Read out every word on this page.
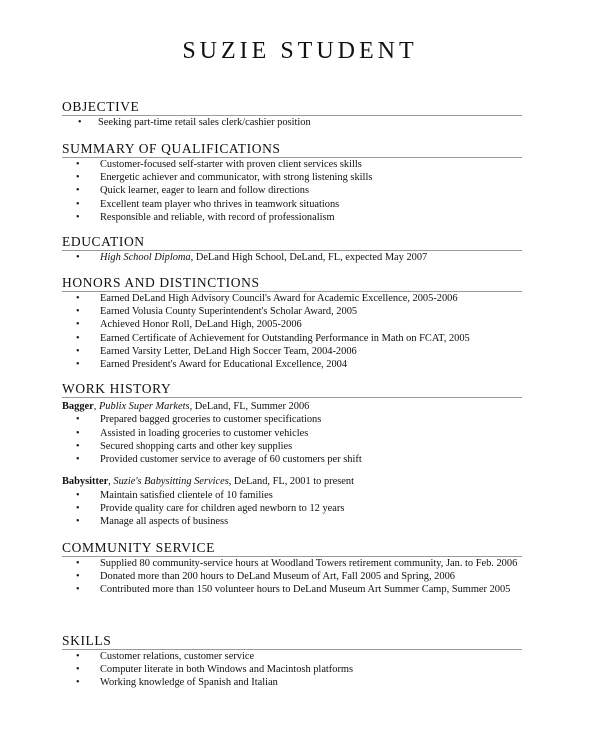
SUZIE STUDENT
OBJECTIVE
• Seeking part-time retail sales clerk/cashier position
SUMMARY OF QUALIFICATIONS
• Customer-focused self-starter with proven client services skills
• Energetic achiever and communicator, with strong listening skills
• Quick learner, eager to learn and follow directions
• Excellent team player who thrives in teamwork situations
• Responsible and reliable, with record of professionalism
EDUCATION
• High School Diploma, DeLand High School, DeLand, FL, expected May 2007
HONORS AND DISTINCTIONS
• Earned DeLand High Advisory Council's Award for Academic Excellence, 2005-2006
• Earned Volusia County Superintendent's Scholar Award, 2005
• Achieved Honor Roll, DeLand High, 2005-2006
• Earned Certificate of Achievement for Outstanding Performance in Math on FCAT, 2005
• Earned Varsity Letter, DeLand High Soccer Team, 2004-2006
• Earned President's Award for Educational Excellence, 2004
WORK HISTORY
Bagger, Publix Super Markets, DeLand, FL, Summer 2006
• Prepared bagged groceries to customer specifications
• Assisted in loading groceries to customer vehicles
• Secured shopping carts and other key supplies
• Provided customer service to average of 60 customers per shift
Babysitter, Suzie's Babysitting Services, DeLand, FL, 2001 to present
• Maintain satisfied clientele of 10 families
• Provide quality care for children aged newborn to 12 years
• Manage all aspects of business
COMMUNITY SERVICE
• Supplied 80 community-service hours at Woodland Towers retirement community, Jan. to Feb. 2006
• Donated more than 200 hours to DeLand Museum of Art, Fall 2005 and Spring, 2006
• Contributed more than 150 volunteer hours to DeLand Museum Art Summer Camp, Summer 2005
SKILLS
• Customer relations, customer service
• Computer literate in both Windows and Macintosh platforms
• Working knowledge of Spanish and Italian
